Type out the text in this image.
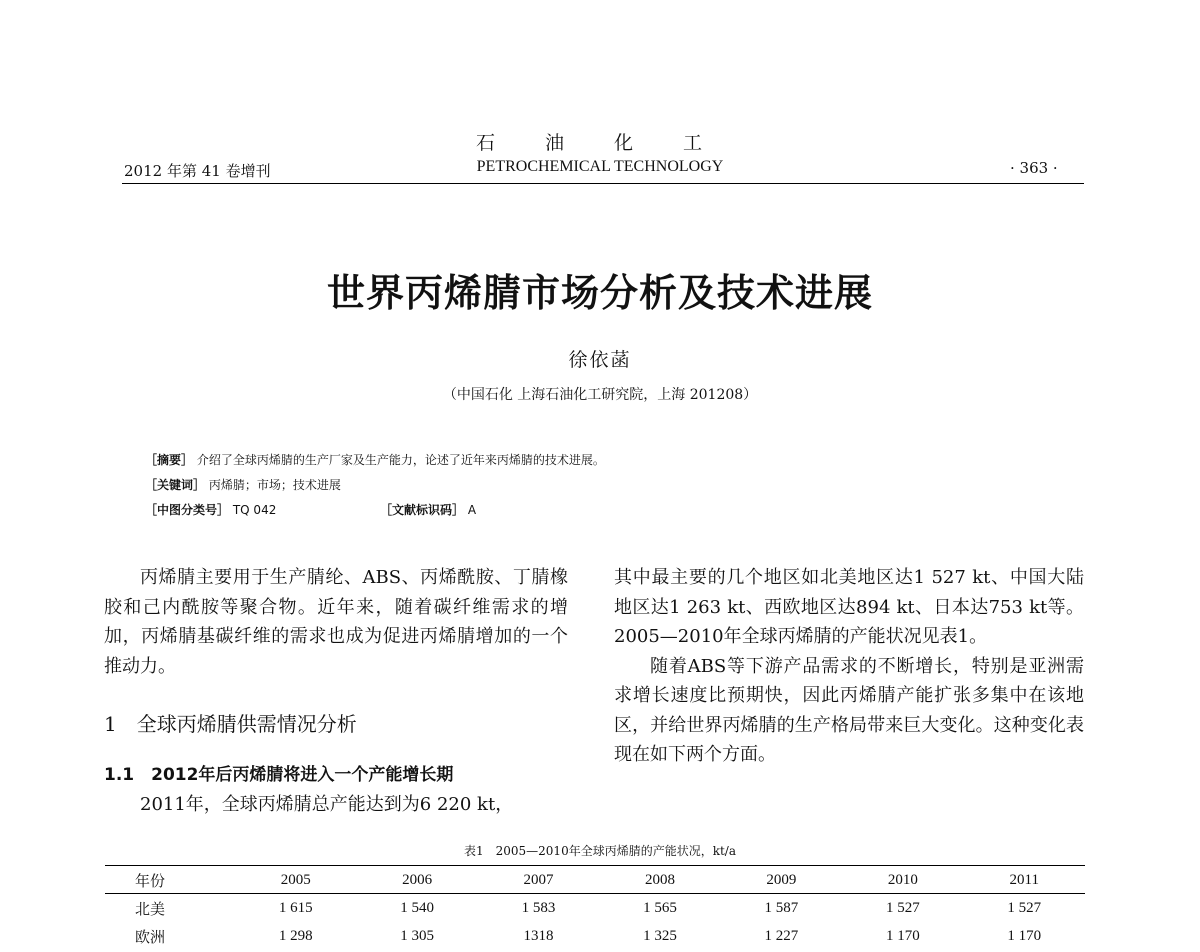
石 油 化 工
2012 年第 41 卷增刊	PETROCHEMICAL TECHNOLOGY	· 363 ·
世界丙烯腈市场分析及技术进展
徐依菡
（中国石化 上海石油化工研究院，上海 201208）
［摘要］ 介绍了全球丙烯腈的生产厂家及生产能力，论述了近年来丙烯腈的技术进展。
［关键词］ 丙烯腈；市场；技术进展
［中图分类号］ TQ 042	［文献标识码］ A

丙烯腈主要用于生产腈纶、ABS、丙烯酰胺、丁腈橡胶和己内酰胺等聚合物。近年来，随着碳纤维需求的增加，丙烯腈基碳纤维的需求也成为促进丙烯腈增加的一个推动力。

1　全球丙烯腈供需情况分析
1.1　2012年后丙烯腈将进入一个产能增长期
2011年，全球丙烯腈总产能达到为6 220 kt，

其中最主要的几个地区如北美地区达1 527 kt、中国大陆地区达1 263 kt、西欧地区达894 kt、日本达753 kt等。2005—2010年全球丙烯腈的产能状况见表1。

随着ABS等下游产品需求的不断增长，特别是亚洲需求增长速度比预期快，因此丙烯腈产能扩张多集中在该地区，并给世界丙烯腈的生产格局带来巨大变化。这种变化表现在如下两个方面。

表1　2005—2010年全球丙烯腈的产能状况，kt/a
年份	2005	2006	2007	2008	2009	2010	2011
北美	1 615	1 540	1 583	1 565	1 587	1 527	1 527
欧洲	1 298	1 305	1318	1 325	1 227	1 170	1 170
